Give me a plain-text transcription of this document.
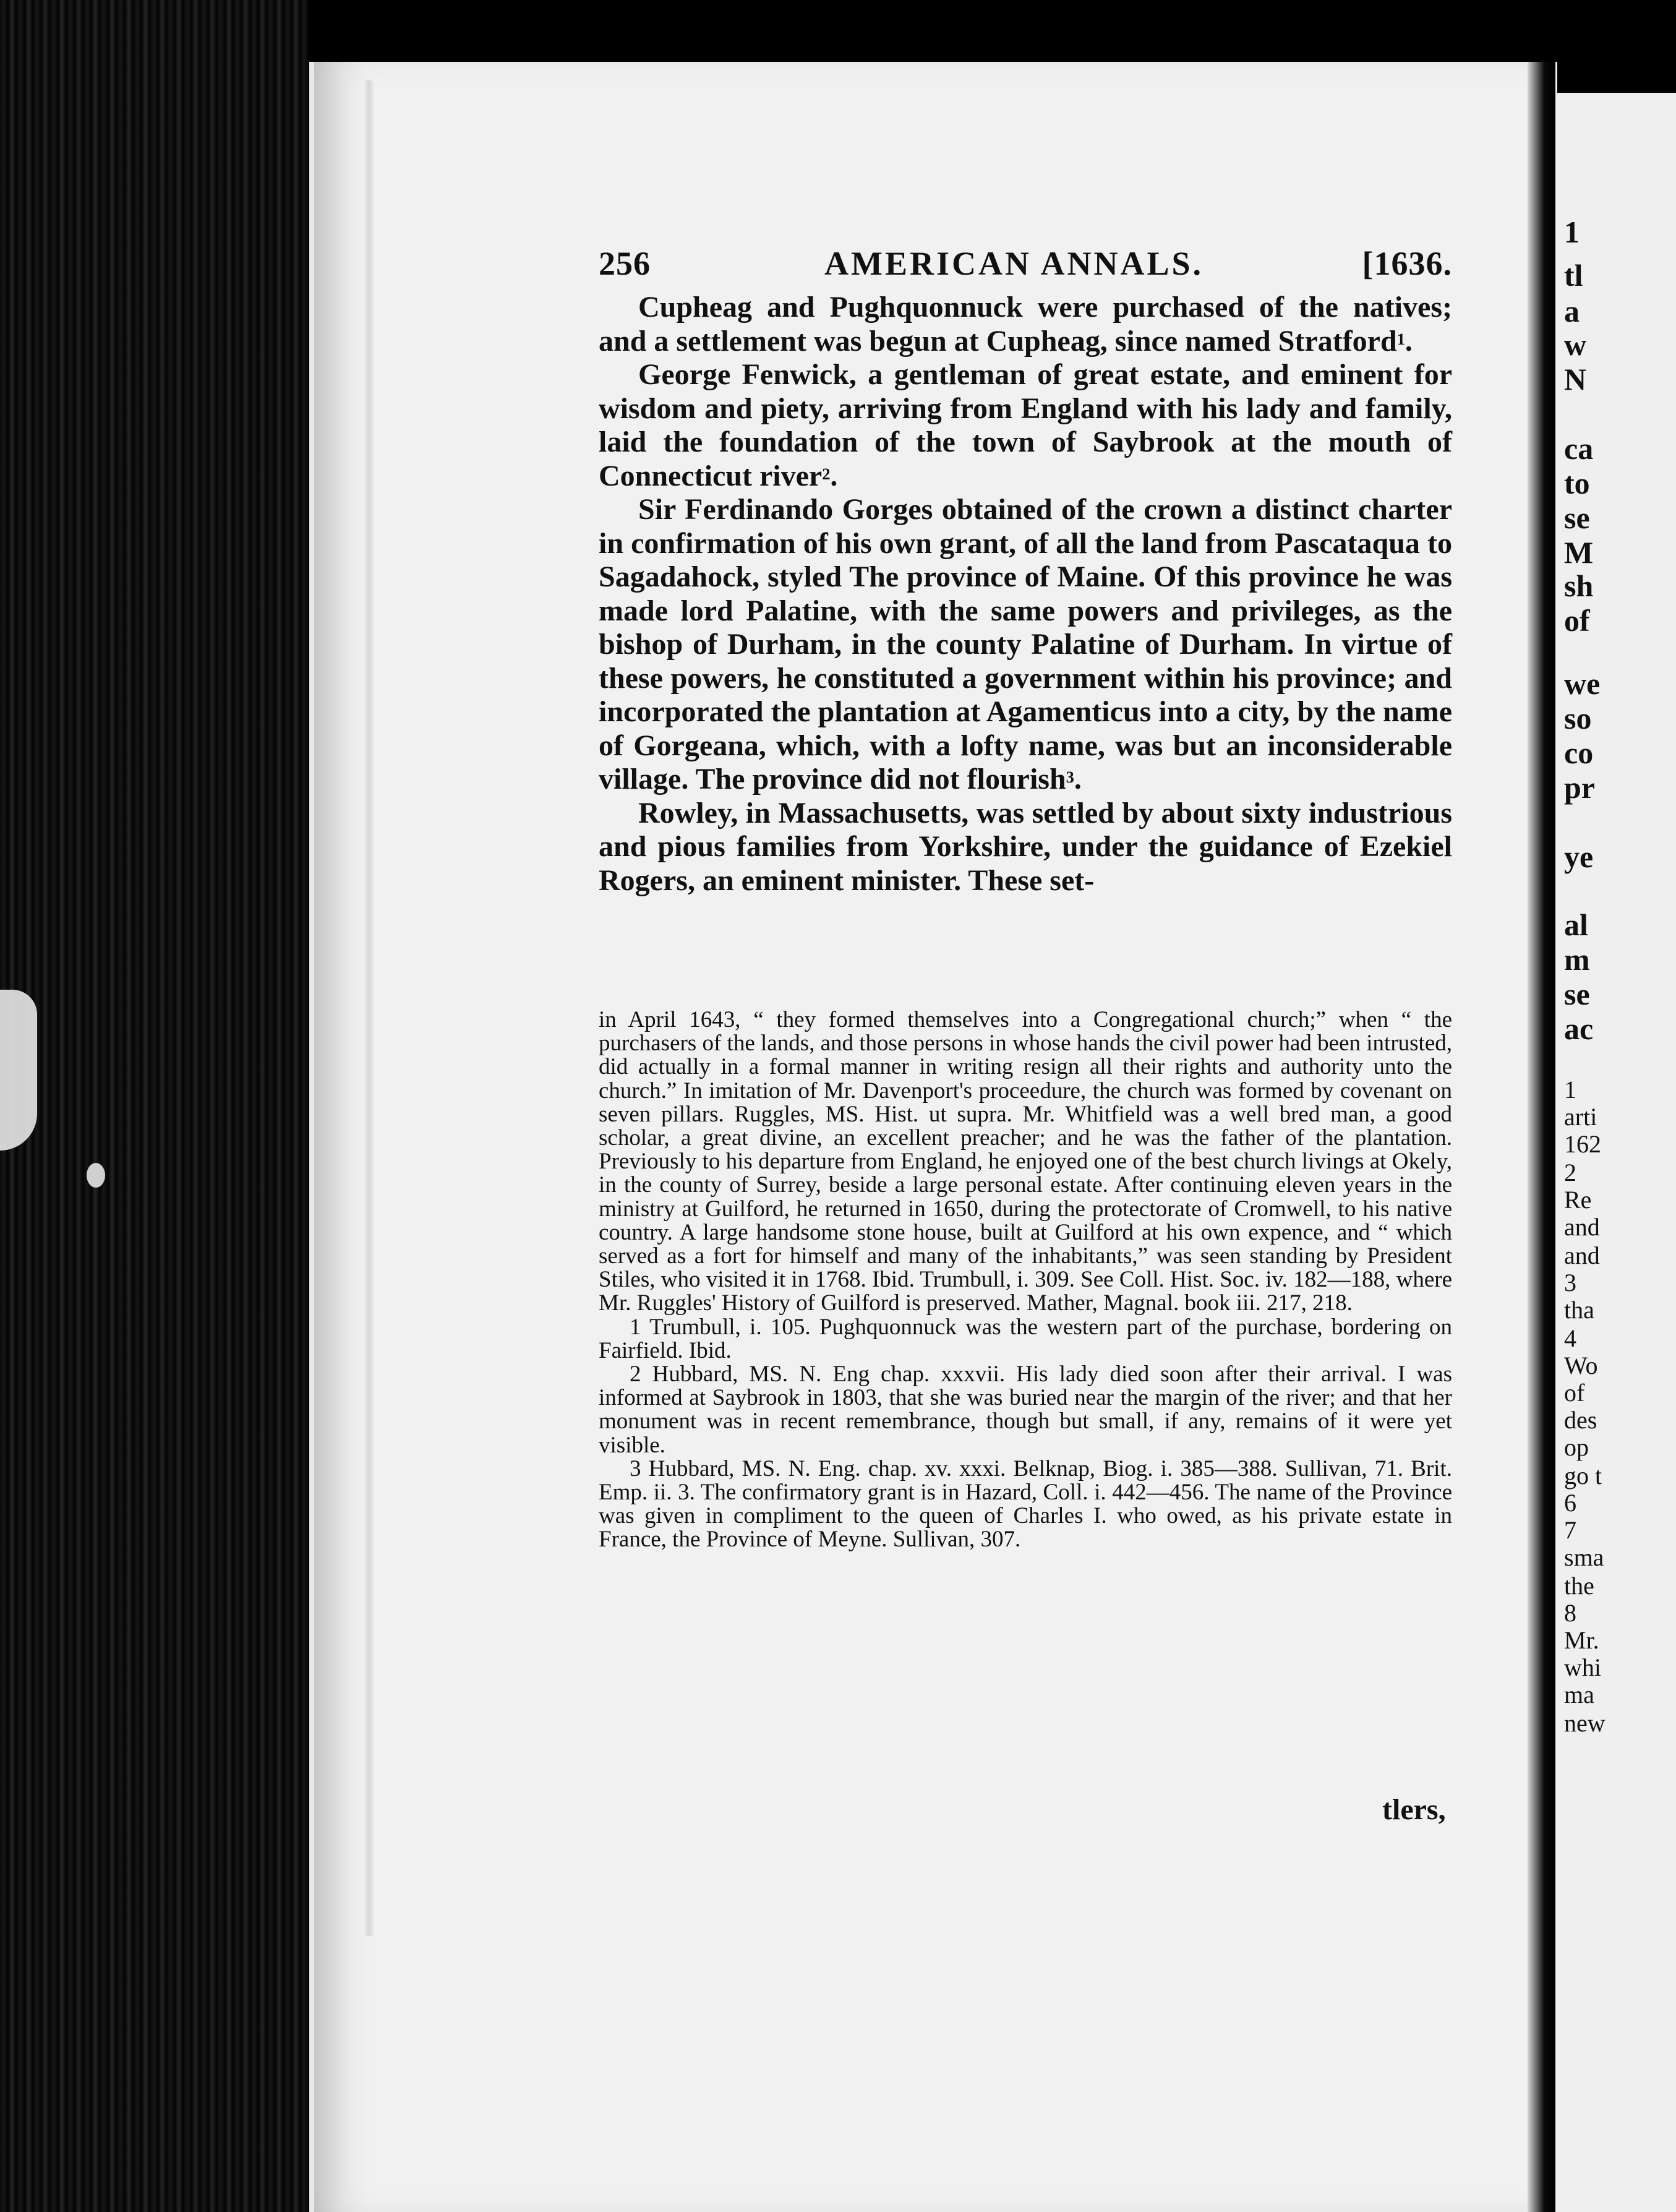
1
tl
a
w
N
ca
to
se
M
sh
of
we
so
co
pr
ye
al
m
se
ac
1
arti
162
2
Re
and
and
3
tha
4
Wo
of
des
op
go t
6
7
sma
the
8
Mr.
whi
ma
new
256	AMERICAN ANNALS.	[1636.

Cupheag and Pughquonnuck were purchased of the natives; and a settlement was begun at Cupheag, since named Stratford$^1$.

George Fenwick, a gentleman of great estate, and eminent for wisdom and piety, arriving from England with his lady and family, laid the foundation of the town of Saybrook at the mouth of Connecticut river$^2$.

Sir Ferdinando Gorges obtained of the crown a distinct charter in confirmation of his own grant, of all the land from Pascataqua to Sagadahock, styled The province of Maine. Of this province he was made lord Palatine, with the same powers and privileges, as the bishop of Durham, in the county Palatine of Durham. In virtue of these powers, he constituted a government within his province; and incorporated the plantation at Agamenticus into a city, by the name of Gorgeana, which, with a lofty name, was but an inconsiderable village. The province did not flourish$^3$.

Rowley, in Massachusetts, was settled by about sixty industrious and pious families from Yorkshire, under the guidance of Ezekiel Rogers, an eminent minister. These set-

in April 1643, “ they formed themselves into a Congregational church;” when “ the purchasers of the lands, and those persons in whose hands the civil power had been intrusted, did actually in a formal manner in writing resign all their rights and authority unto the church.” In imitation of Mr. Davenport's proceedure, the church was formed by covenant on seven pillars. Ruggles, MS. Hist. ut supra. Mr. Whitfield was a well bred man, a good scholar, a great divine, an excellent preacher; and he was the father of the plantation. Previously to his departure from England, he enjoyed one of the best church livings at Okely, in the county of Surrey, beside a large personal estate. After continuing eleven years in the ministry at Guilford, he returned in 1650, during the protectorate of Cromwell, to his native country. A large handsome stone house, built at Guilford at his own expence, and “ which served as a fort for himself and many of the inhabitants,” was seen standing by President Stiles, who visited it in 1768. Ibid. Trumbull, i. 309. See Coll. Hist. Soc. iv. 182—188, where Mr. Ruggles' History of Guilford is preserved. Mather, Magnal. book iii. 217, 218.

1 Trumbull, i. 105. Pughquonnuck was the western part of the purchase, bordering on Fairfield. Ibid.

2 Hubbard, MS. N. Eng chap. xxxvii. His lady died soon after their arrival. I was informed at Saybrook in 1803, that she was buried near the margin of the river; and that her monument was in recent remembrance, though but small, if any, remains of it were yet visible.

3 Hubbard, MS. N. Eng. chap. xv. xxxi. Belknap, Biog. i. 385—388. Sullivan, 71. Brit. Emp. ii. 3. The confirmatory grant is in Hazard, Coll. i. 442—456. The name of the Province was given in compliment to the queen of Charles I. who owed, as his private estate in France, the Province of Meyne. Sullivan, 307.

tlers,
